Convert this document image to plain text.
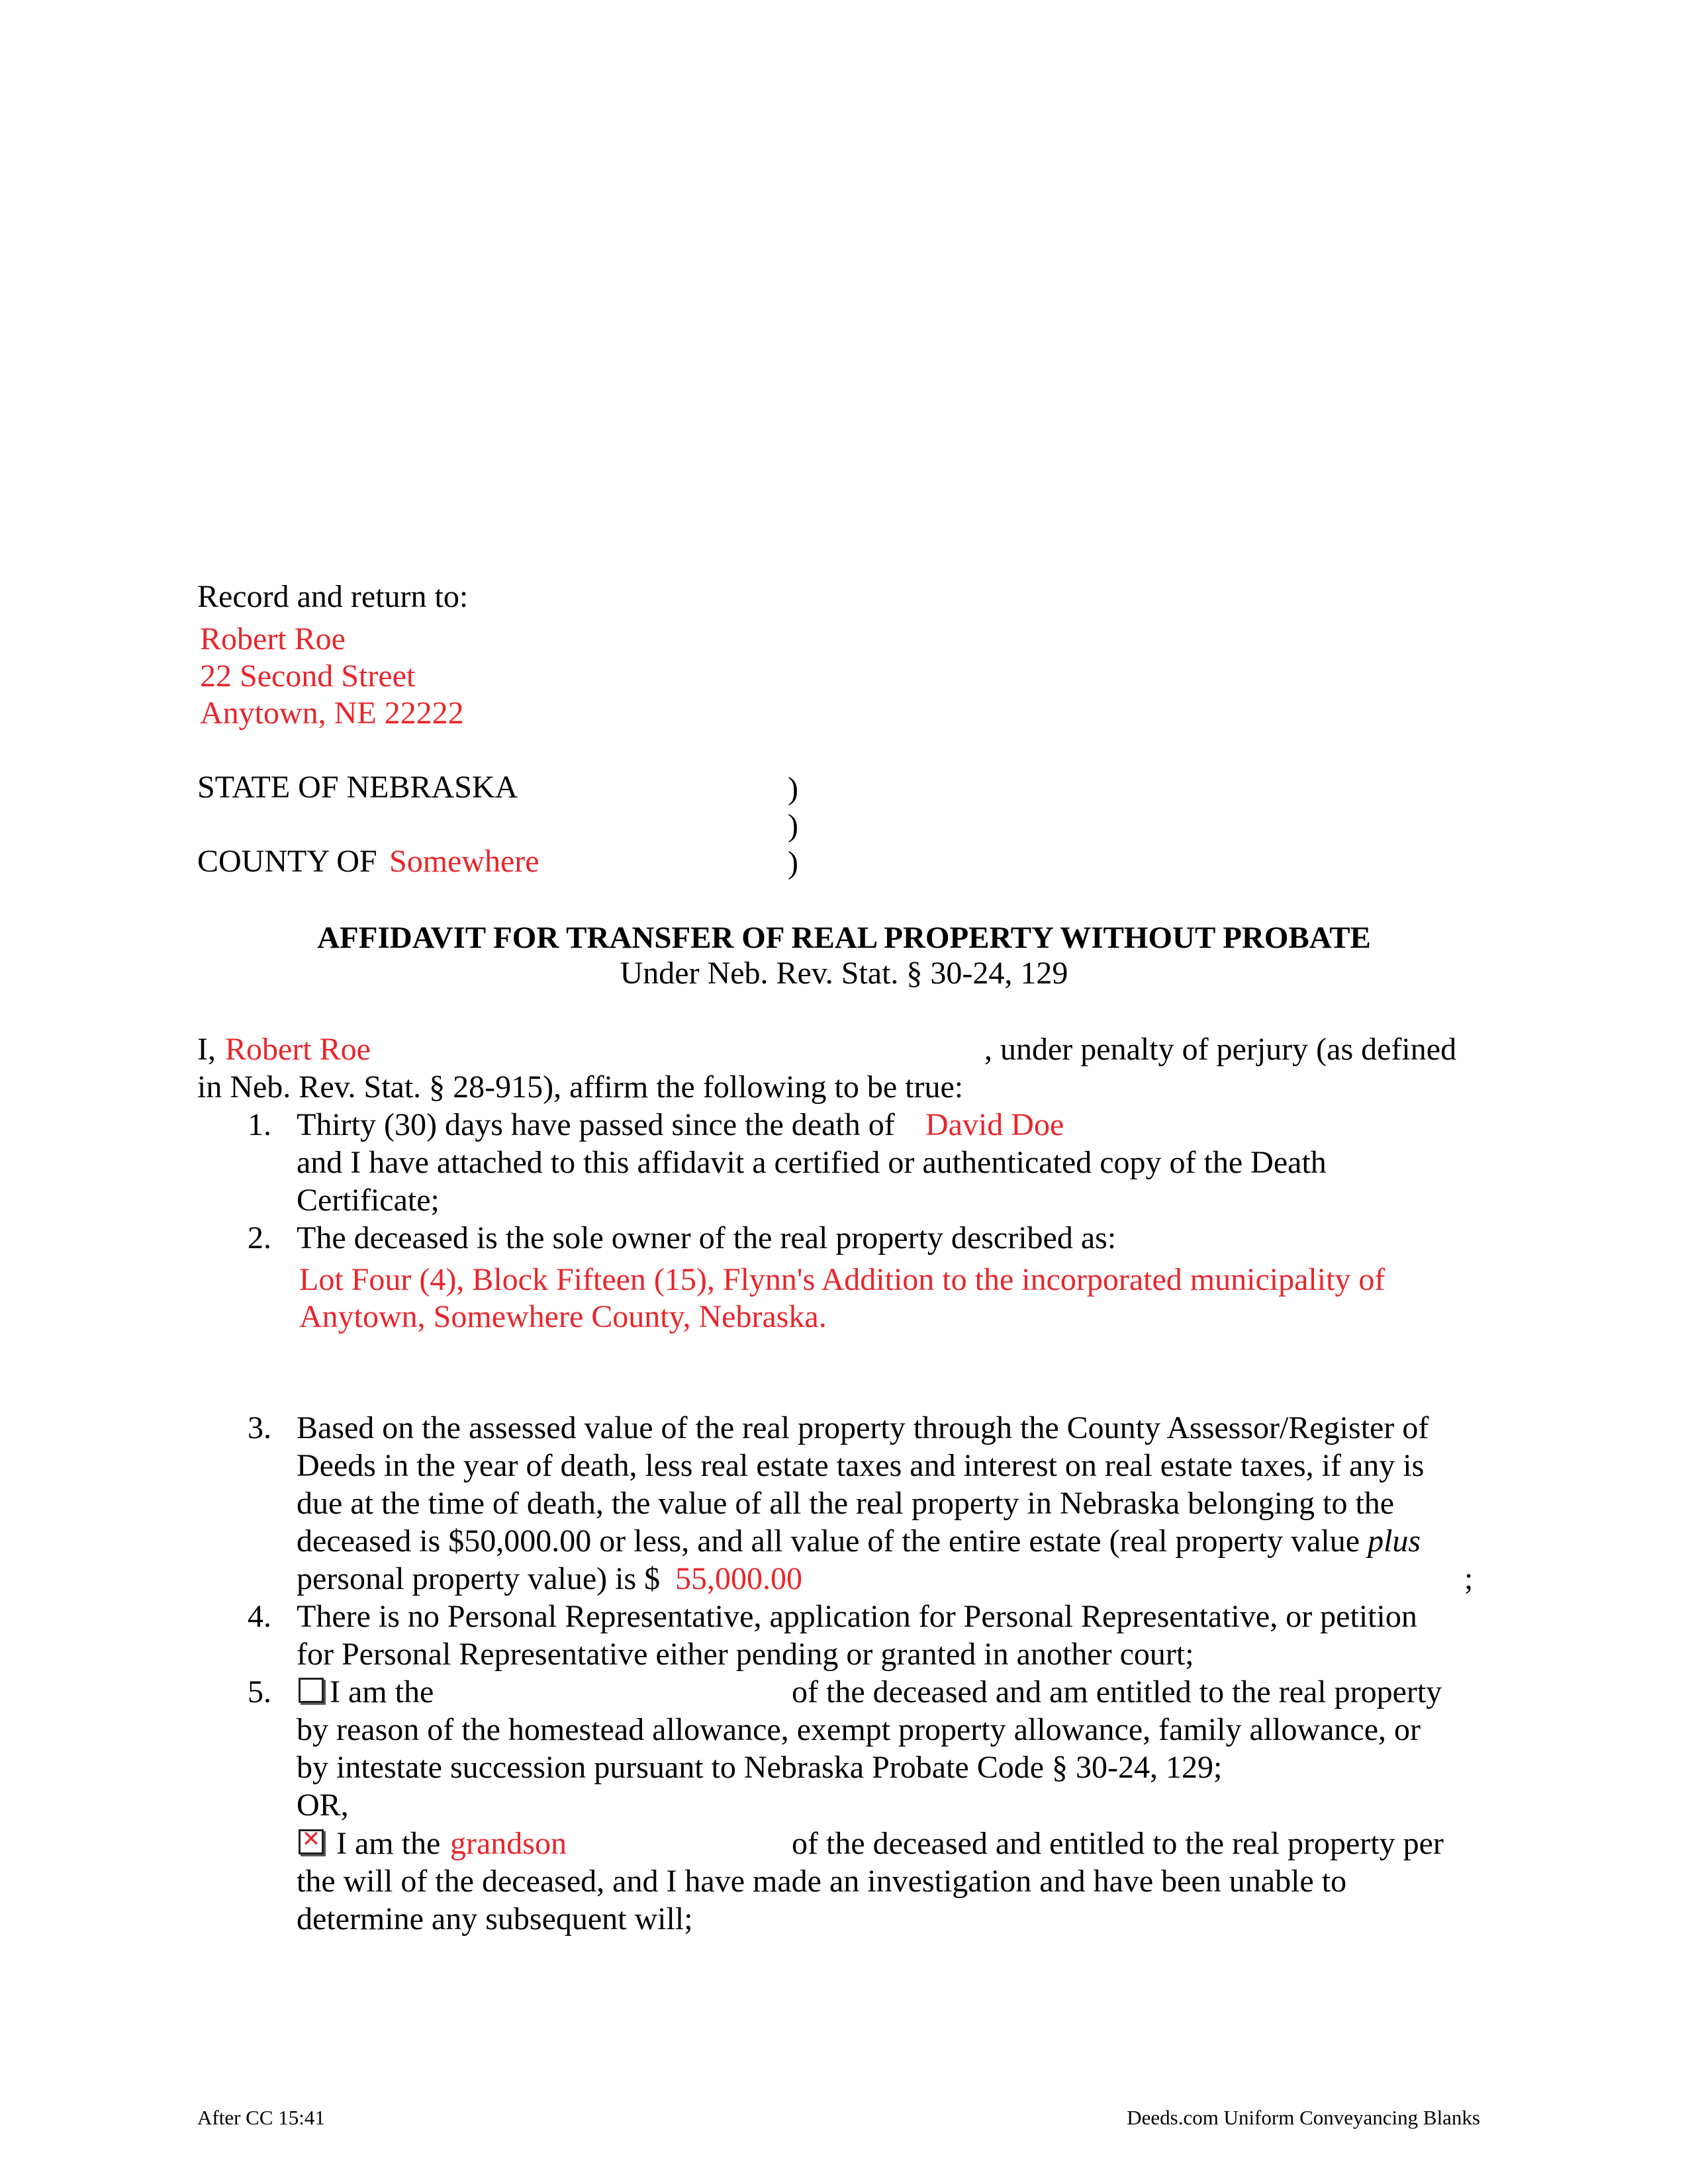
Record and return to:
Robert Roe
22 Second Street
Anytown, NE 22222
STATE OF NEBRASKA
COUNTY OF Somewhere
)
)
)
AFFIDAVIT FOR TRANSFER OF REAL PROPERTY WITHOUT PROBATE
Under Neb. Rev. Stat. § 30-24, 129
I, Robert Roe	, under penalty of perjury (as defined
in Neb. Rev. Stat. § 28-915), affirm the following to be true:
1. Thirty (30) days have passed since the death of David Doe
and I have attached to this affidavit a certified or authenticated copy of the Death
Certificate;
2. The deceased is the sole owner of the real property described as:
Lot Four (4), Block Fifteen (15), Flynn's Addition to the incorporated municipality of
Anytown, Somewhere County, Nebraska.
3. Based on the assessed value of the real property through the County Assessor/Register of
Deeds in the year of death, less real estate taxes and interest on real estate taxes, if any is
due at the time of death, the value of all the real property in Nebraska belonging to the
deceased is $50,000.00 or less, and all value of the entire estate (real property value plus
personal property value) is $ 55,000.00	;
4. There is no Personal Representative, application for Personal Representative, or petition
for Personal Representative either pending or granted in another court;
5. I am the	of the deceased and am entitled to the real property
by reason of the homestead allowance, exempt property allowance, family allowance, or
by intestate succession pursuant to Nebraska Probate Code § 30-24, 129;
OR,
✕ I am the grandson	of the deceased and entitled to the real property per
the will of the deceased, and I have made an investigation and have been unable to
determine any subsequent will;
After CC 15:41	Deeds.com Uniform Conveyancing Blanks
